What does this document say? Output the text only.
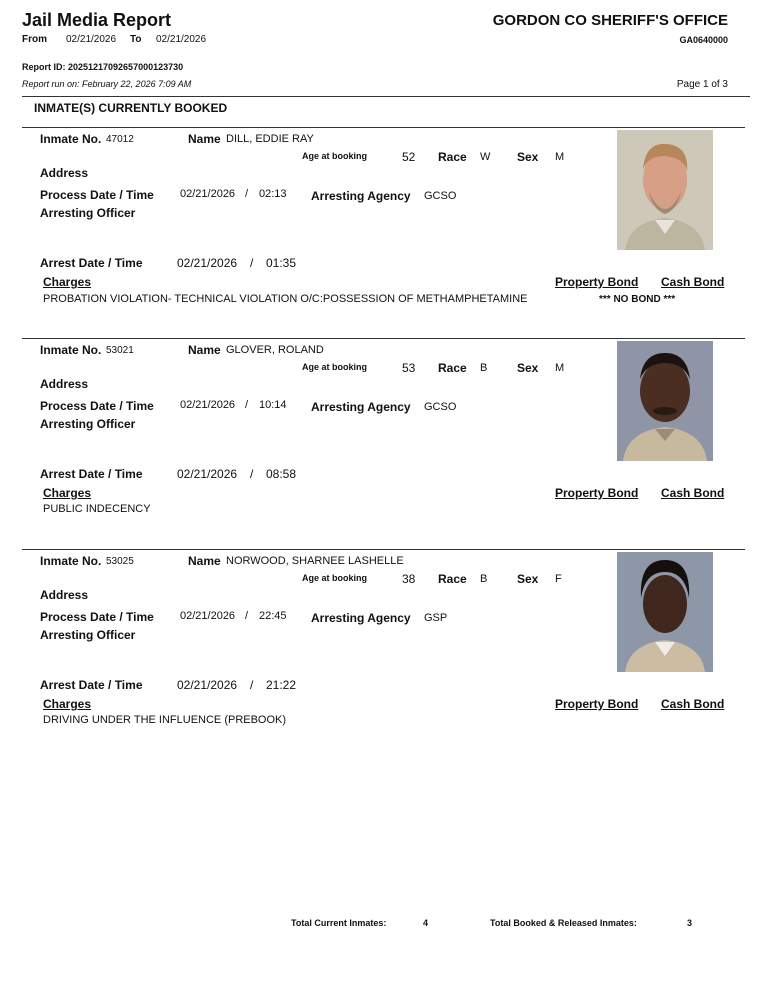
Jail Media Report
From 02/21/2026 To 02/21/2026
GORDON CO SHERIFF'S OFFICE
GA0640000
Report ID: 20251217092657000123730
Report run on: February 22, 2026 7:09 AM	Page 1 of 3
INMATE(S) CURRENTLY BOOKED
Inmate No. 47012	Name DILL, EDDIE RAY
Age at booking	52 Race W Sex M
Address
Process Date / Time 02/21/2026 / 02:13 Arresting Agency GCSO
Arresting Officer
Arrest Date / Time	02/21/2026 / 01:35
Charges	Property Bond Cash Bond
PROBATION VIOLATION- TECHNICAL VIOLATION O/C:POSSESSION OF METHAMPHETAMINE	*** NO BOND ***
Inmate No. 53021	Name GLOVER, ROLAND
Age at booking	53 Race B Sex M
Address
Process Date / Time 02/21/2026 / 10:14 Arresting Agency GCSO
Arresting Officer
Arrest Date / Time	02/21/2026 / 08:58
Charges	Property Bond Cash Bond
PUBLIC INDECENCY
Inmate No. 53025	Name NORWOOD, SHARNEE LASHELLE
Age at booking	38 Race B Sex F
Address
Process Date / Time 02/21/2026 / 22:45 Arresting Agency GSP
Arresting Officer
Arrest Date / Time	02/21/2026 / 21:22
Charges	Property Bond Cash Bond
DRIVING UNDER THE INFLUENCE (PREBOOK)
Total Current Inmates:	4	Total Booked & Released Inmates:	3
